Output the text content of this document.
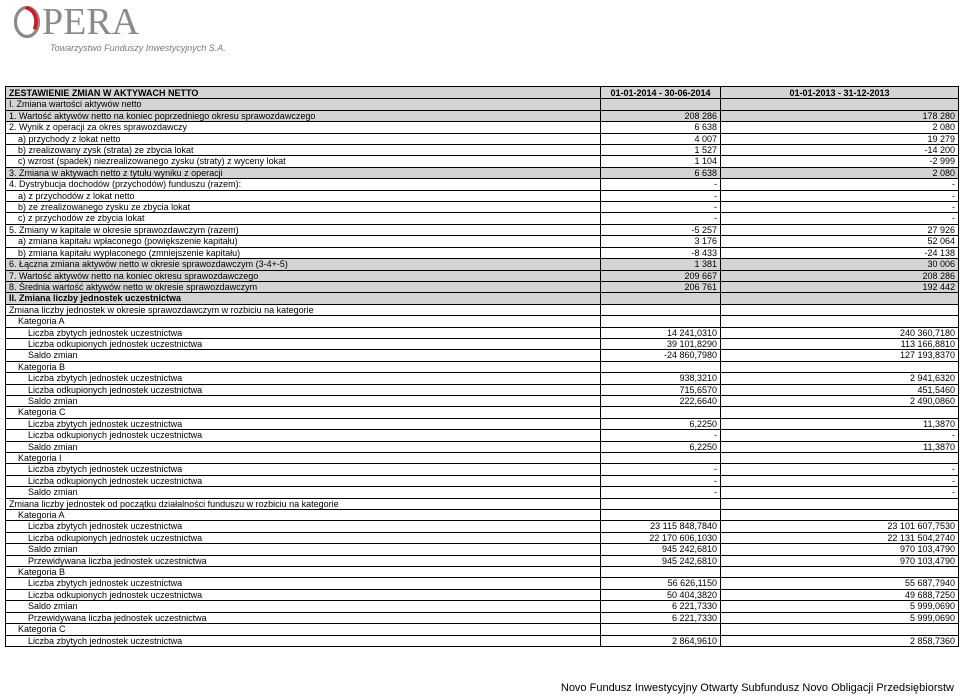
PERA
Towarzystwo Funduszy Inwestycyjnych S.A.
ZESTAWIENIE ZMIAN W AKTYWACH NETTO	01-01-2014 - 30-06-2014	01-01-2013 - 31-12-2013
I. Zmiana wartości aktywów netto		
1. Wartość aktywów netto na koniec poprzedniego okresu sprawozdawczego	208 286	178 280
2. Wynik z operacji za okres sprawozdawczy	6 638	2 080
a) przychody z lokat netto	4 007	19 279
b) zrealizowany zysk (strata) ze zbycia lokat	1 527	-14 200
c) wzrost (spadek) niezrealizowanego zysku (straty) z wyceny lokat	1 104	-2 999
3. Zmiana w aktywach netto z tytułu wyniku z operacji	6 638	2 080
4. Dystrybucja dochodów (przychodów) funduszu (razem):	-	-
a) z przychodów z lokat netto	-	-
b) ze zrealizowanego zysku ze zbycia lokat	-	-
c) z przychodów ze zbycia lokat	-	-
5. Zmiany w kapitale w okresie sprawozdawczym (razem)	-5 257	27 926
a) zmiana kapitału wpłaconego (powiększenie kapitału)	3 176	52 064
b) zmiana kapitału wypłaconego (zmniejszenie kapitału)	-8 433	-24 138
6. Łączna zmiana aktywów netto w okresie sprawozdawczym (3-4+-5)	1 381	30 006
7. Wartość aktywów netto na koniec okresu sprawozdawczego	209 667	208 286
8. Średnia wartość aktywów netto w okresie sprawozdawczym	206 761	192 442
II. Zmiana liczby jednostek uczestnictwa		
Zmiana liczby jednostek w okresie sprawozdawczym w rozbiciu na kategorie		
Kategoria A		
Liczba zbytych jednostek uczestnictwa	14 241,0310	240 360,7180
Liczba odkupionych jednostek uczestnictwa	39 101,8290	113 166,8810
Saldo zmian	-24 860,7980	127 193,8370
Kategoria B		
Liczba zbytych jednostek uczestnictwa	938,3210	2 941,6320
Liczba odkupionych jednostek uczestnictwa	715,6570	451,5460
Saldo zmian	222,6640	2 490,0860
Kategoria C		
Liczba zbytych jednostek uczestnictwa	6,2250	11,3870
Liczba odkupionych jednostek uczestnictwa	-	-
Saldo zmian	6,2250	11,3870
Kategoria I		
Liczba zbytych jednostek uczestnictwa	-	-
Liczba odkupionych jednostek uczestnictwa	-	-
Saldo zmian	-	-
Zmiana liczby jednostek od początku działalności funduszu w rozbiciu na kategorie		
Kategoria A		
Liczba zbytych jednostek uczestnictwa	23 115 848,7840	23 101 607,7530
Liczba odkupionych jednostek uczestnictwa	22 170 606,1030	22 131 504,2740
Saldo zmian	945 242,6810	970 103,4790
Przewidywana liczba jednostek uczestnictwa	945 242,6810	970 103,4790
Kategoria B		
Liczba zbytych jednostek uczestnictwa	56 626,1150	55 687,7940
Liczba odkupionych jednostek uczestnictwa	50 404,3820	49 688,7250
Saldo zmian	6 221,7330	5 999,0690
Przewidywana liczba jednostek uczestnictwa	6 221,7330	5 999,0690
Kategoria C		
Liczba zbytych jednostek uczestnictwa	2 864,9610	2 858,7360
Novo Fundusz Inwestycyjny Otwarty Subfundusz Novo Obligacji Przedsiębiorstw
